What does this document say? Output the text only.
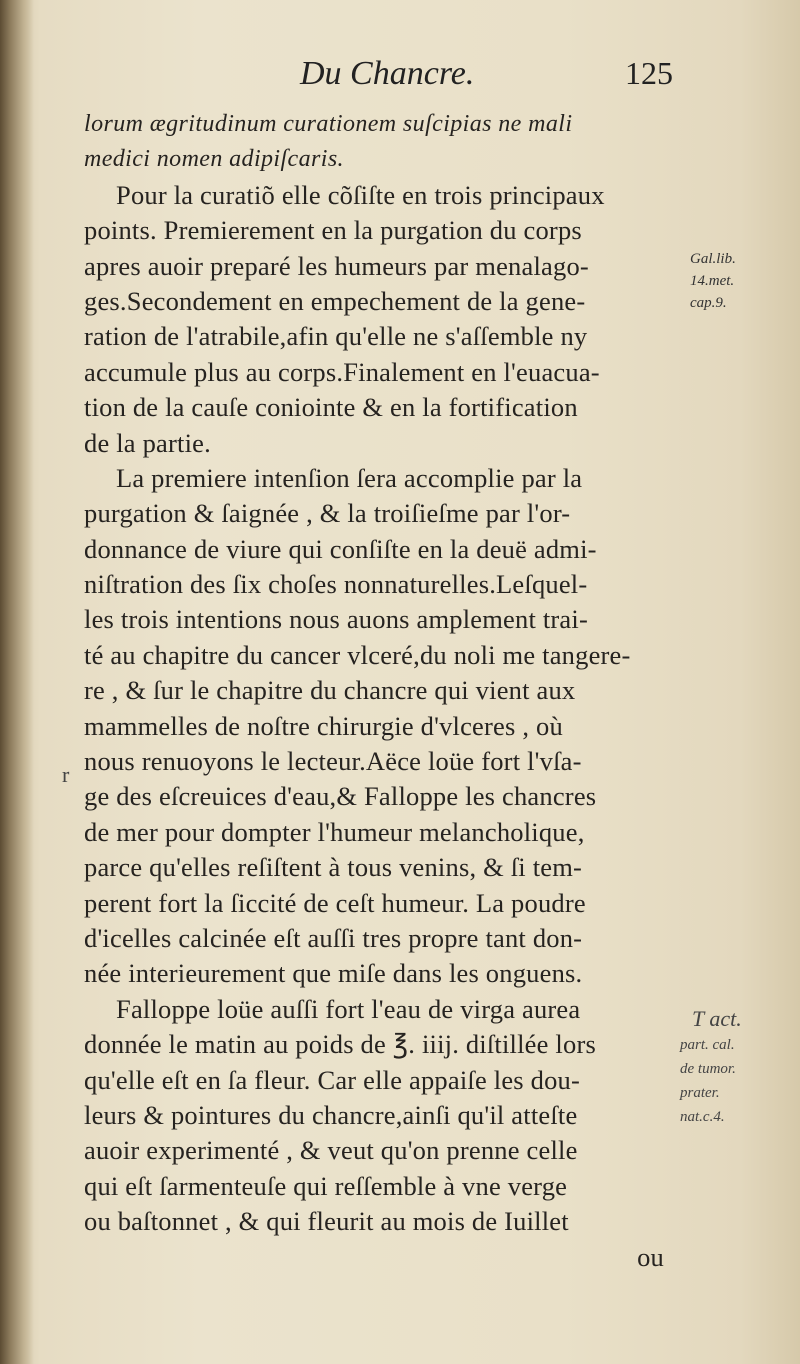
Du Chancre.	125
lorum ægritudinum curationem suſcipias ne mali
medici nomen adipiſcaris.
Pour la curatiõ elle cõſiſte en trois principaux
points. Premierement en la purgation du corps
apres auoir preparé les humeurs par menalago-
ges.Secondement en empechement de la gene-
ration de l'atrabile,afin qu'elle ne s'aſſemble ny
accumule plus au corps.Finalement en l'euacua-
tion de la cauſe coniointe & en la fortification
de la partie.
La premiere intenſion ſera accomplie par la
purgation & ſaignée , & la troiſieſme par l'or-
donnance de viure qui conſiſte en la deuë admi-
niſtration des ſix choſes nonnaturelles.Leſquel-
les trois intentions nous auons amplement trai-
té au chapitre du cancer vlceré,du noli me tangere-
re , & ſur le chapitre du chancre qui vient aux
mammelles de noſtre chirurgie d'vlceres , où
nous renuoyons le lecteur.Aëce loüe fort l'vſa-
ge des eſcreuices d'eau,& Falloppe les chancres
de mer pour dompter l'humeur melancholique,
parce qu'elles reſiſtent à tous venins, & ſi tem-
perent fort la ſiccité de ceſt humeur. La poudre
d'icelles calcinée eſt auſſi tres propre tant don-
née interieurement que miſe dans les onguens.
Falloppe loüe auſſi fort l'eau de virga aurea
donnée le matin au poids de ℥. iiij. diſtillée lors
qu'elle eſt en ſa fleur. Car elle appaiſe les dou-
leurs & pointures du chancre,ainſi qu'il atteſte
auoir experimenté , & veut qu'on prenne celle
qui eſt ſarmenteuſe qui reſſemble à vne verge
ou baſtonnet , & qui fleurit au mois de Iuillet
ou
Gal.lib.
14.met.
cap.9.
T act.
part. cal.
de tumor.
prater.
nat.c.4.
r
